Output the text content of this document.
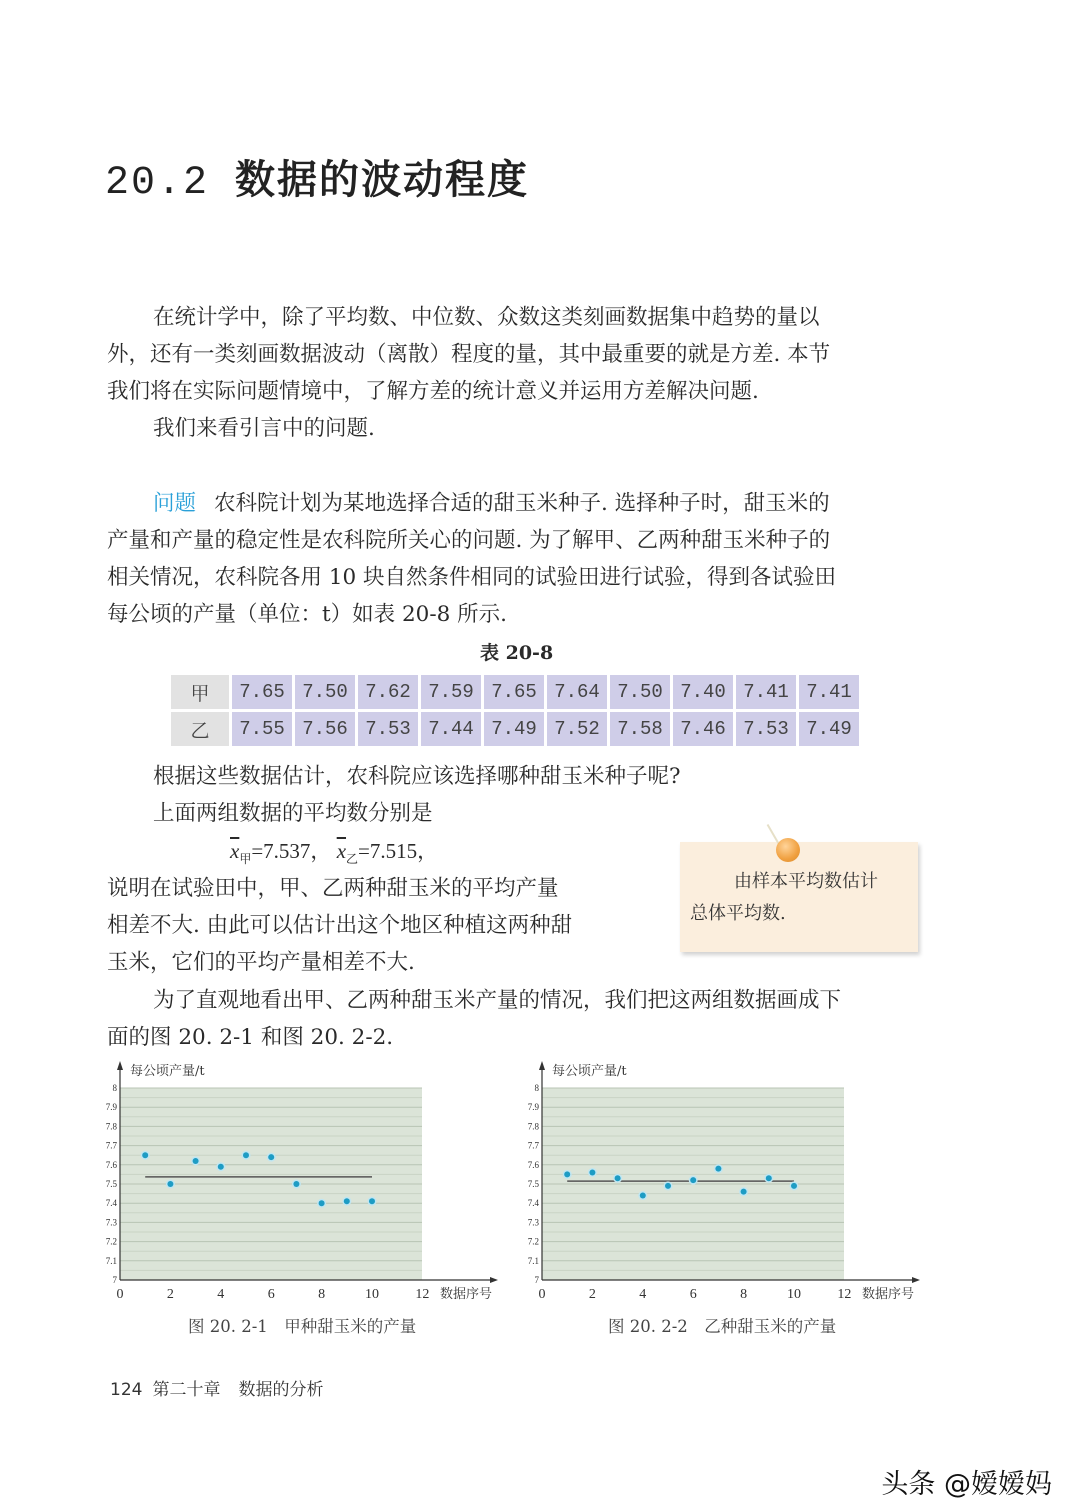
20.2 数据的波动程度
在统计学中，除了平均数、中位数、众数这类刻画数据集中趋势的量以
外，还有一类刻画数据波动（离散）程度的量，其中最重要的就是方差. 本节
我们将在实际问题情境中，了解方差的统计意义并运用方差解决问题.
我们来看引言中的问题.
问题 农科院计划为某地选择合适的甜玉米种子. 选择种子时，甜玉米的
产量和产量的稳定性是农科院所关心的问题. 为了解甲、乙两种甜玉米种子的
相关情况，农科院各用 10 块自然条件相同的试验田进行试验，得到各试验田
每公顷的产量（单位：t）如表 20-8 所示.
表 20-8
甲	7.65	7.50	7.62	7.59	7.65	7.64	7.50	7.40	7.41	7.41
乙	7.55	7.56	7.53	7.44	7.49	7.52	7.58	7.46	7.53	7.49
根据这些数据估计，农科院应该选择哪种甜玉米种子呢?
上面两组数据的平均数分别是
$\overline{x}_甲=7.537$， $\overline{x}_乙=7.515$，
说明在试验田中，甲、乙两种甜玉米的平均产量
相差不大. 由此可以估计出这个地区种植这两种甜
玉米，它们的平均产量相差不大.
为了直观地看出甲、乙两种甜玉米产量的情况，我们把这两组数据画成下
面的图 20. 2-1 和图 20. 2-2.
由样本平均数估计
总体平均数.
每公顷产量/t
7
7.1
7.2
7.3
7.4
7.5
7.6
7.7
7.8
7.9
8
0	2	4	6	8	10	12 数据序号
每公顷产量/t
7
7.1
7.2
7.3
7.4
7.5
7.6
7.7
7.8
7.9
8
0	2	4	6	8	10	12 数据序号
图 20. 2-1　甲种甜玉米的产量	图 20. 2-2　乙种甜玉米的产量
124 第二十章 数据的分析
头条 @嫒嫒妈
